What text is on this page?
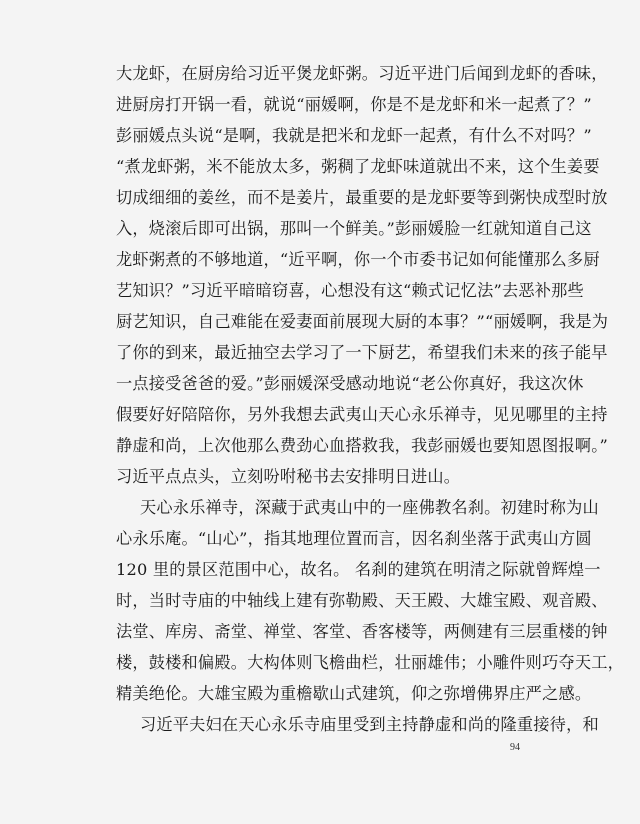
大龙虾，在厨房给习近平煲龙虾粥。习近平进门后闻到龙虾的香味，
进厨房打开锅一看，就说“丽媛啊，你是不是龙虾和米一起煮了？”
彭丽媛点头说“是啊，我就是把米和龙虾一起煮，有什么不对吗？”
“煮龙虾粥，米不能放太多，粥稠了龙虾味道就出不来，这个生姜要
切成细细的姜丝，而不是姜片，最重要的是龙虾要等到粥快成型时放
入，烧滚后即可出锅，那叫一个鲜美。”彭丽媛脸一红就知道自己这
龙虾粥煮的不够地道，“近平啊，你一个市委书记如何能懂那么多厨
艺知识？”习近平暗暗窃喜，心想没有这“赖式记忆法”去恶补那些
厨艺知识，自己难能在爱妻面前展现大厨的本事？”“丽媛啊，我是为
了你的到来，最近抽空去学习了一下厨艺，希望我们未来的孩子能早
一点接受爸爸的爱。”彭丽媛深受感动地说“老公你真好，我这次休
假要好好陪陪你，另外我想去武夷山天心永乐禅寺，见见哪里的主持
静虚和尚，上次他那么费劲心血搭救我，我彭丽媛也要知恩图报啊。”
习近平点点头，立刻吩咐秘书去安排明日进山。
天心永乐禅寺，深藏于武夷山中的一座佛教名刹。初建时称为山
心永乐庵。“山心”，指其地理位置而言，因名刹坐落于武夷山方圆
120 里的景区范围中心，故名。 名刹的建筑在明清之际就曾辉煌一
时，当时寺庙的中轴线上建有弥勒殿、天王殿、大雄宝殿、观音殿、
法堂、库房、斋堂、禅堂、客堂、香客楼等，两侧建有三层重楼的钟
楼，鼓楼和偏殿。大构体则飞檐曲栏，壮丽雄伟；小雕件则巧夺天工，
精美绝伦。大雄宝殿为重檐歇山式建筑，仰之弥增佛界庄严之感。
习近平夫妇在天心永乐寺庙里受到主持静虚和尚的隆重接待，和
94
